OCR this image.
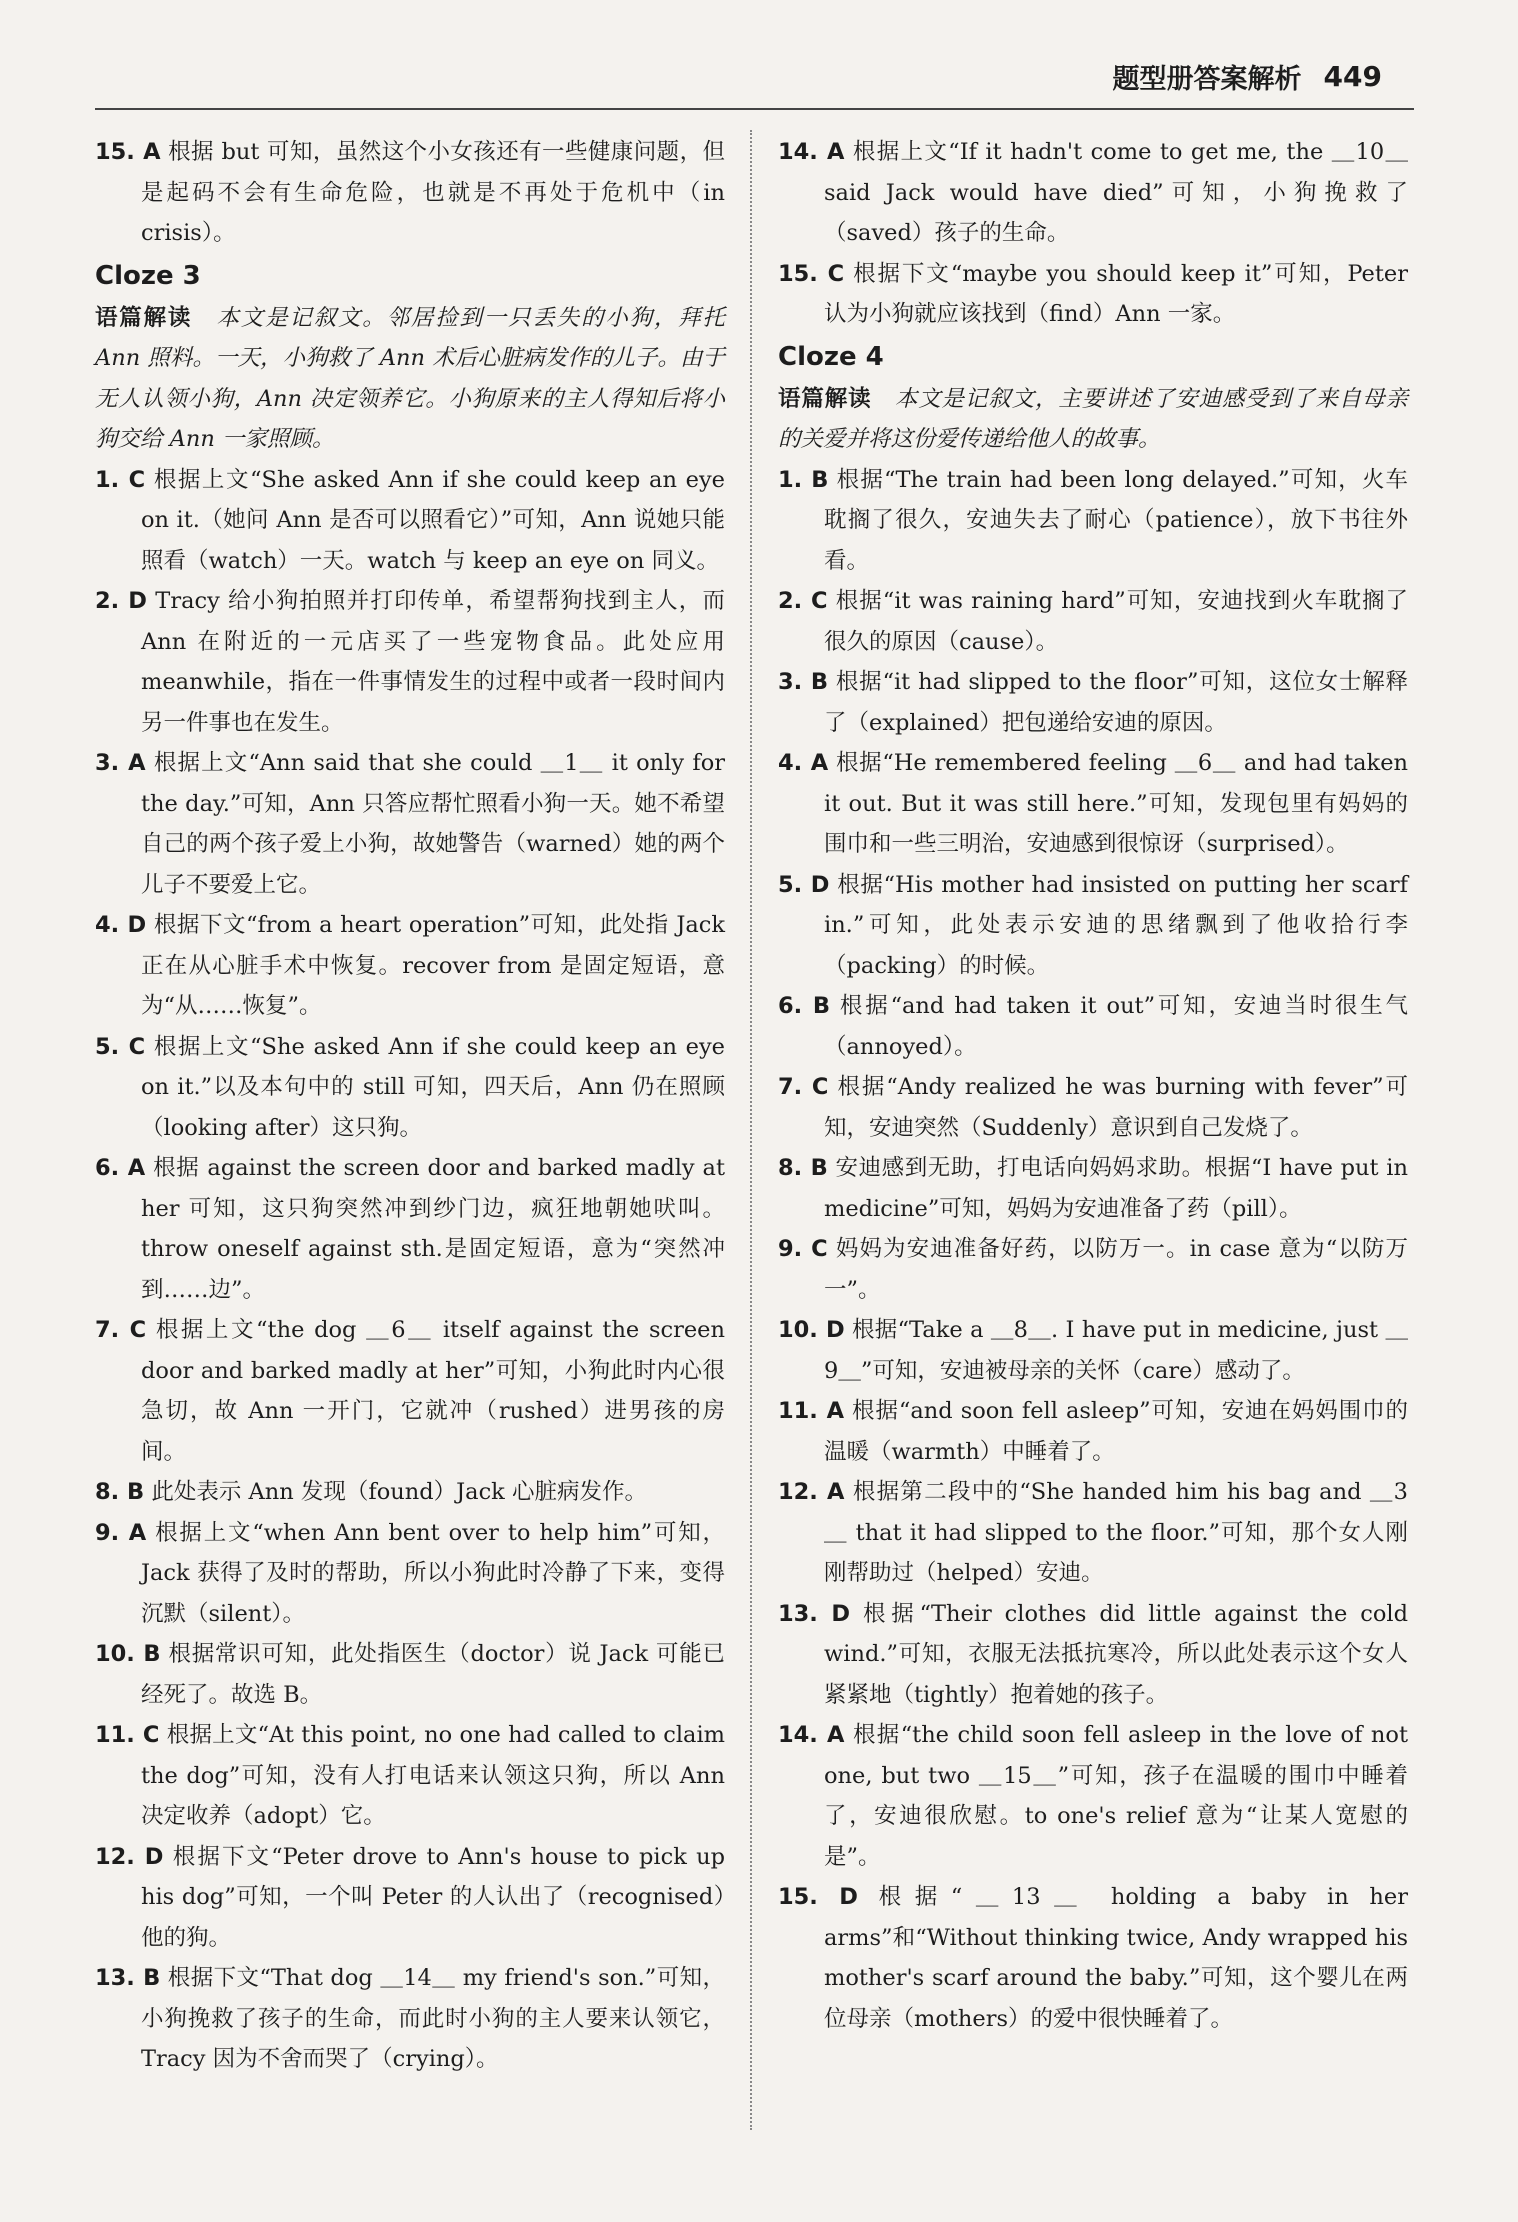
题型册答案解析 449

15. A 根据 but 可知，虽然这个小女孩还有一些健康问题，但是起码不会有生命危险，也就是不再处于危机中（in crisis）。

Cloze 3

语篇解读　本文是记叙文。邻居捡到一只丢失的小狗，拜托 Ann 照料。一天，小狗救了 Ann 术后心脏病发作的儿子。由于无人认领小狗，Ann 决定领养它。小狗原来的主人得知后将小狗交给 Ann 一家照顾。

1. C 根据上文“She asked Ann if she could keep an eye on it.（她问 Ann 是否可以照看它）”可知，Ann 说她只能照看（watch）一天。watch 与 keep an eye on 同义。

2. D Tracy 给小狗拍照并打印传单，希望帮狗找到主人，而 Ann 在附近的一元店买了一些宠物食品。此处应用 meanwhile，指在一件事情发生的过程中或者一段时间内另一件事也在发生。

3. A 根据上文“Ann said that she could ＿1＿ it only for the day.”可知，Ann 只答应帮忙照看小狗一天。她不希望自己的两个孩子爱上小狗，故她警告（warned）她的两个儿子不要爱上它。

4. D 根据下文“from a heart operation”可知，此处指 Jack 正在从心脏手术中恢复。recover from 是固定短语，意为“从……恢复”。

5. C 根据上文“She asked Ann if she could keep an eye on it.”以及本句中的 still 可知，四天后，Ann 仍在照顾（looking after）这只狗。

6. A 根据 against the screen door and barked madly at her 可知，这只狗突然冲到纱门边，疯狂地朝她吠叫。throw oneself against sth.是固定短语，意为“突然冲到……边”。

7. C 根据上文“the dog ＿6＿ itself against the screen door and barked madly at her”可知，小狗此时内心很急切，故 Ann 一开门，它就冲（rushed）进男孩的房间。

8. B 此处表示 Ann 发现（found）Jack 心脏病发作。

9. A 根据上文“when Ann bent over to help him”可知，Jack 获得了及时的帮助，所以小狗此时冷静了下来，变得沉默（silent）。

10. B 根据常识可知，此处指医生（doctor）说 Jack 可能已经死了。故选 B。

11. C 根据上文“At this point, no one had called to claim the dog”可知，没有人打电话来认领这只狗，所以 Ann 决定收养（adopt）它。

12. D 根据下文“Peter drove to Ann's house to pick up his dog”可知，一个叫 Peter 的人认出了（recognised）他的狗。

13. B 根据下文“That dog ＿14＿ my friend's son.”可知，小狗挽救了孩子的生命，而此时小狗的主人要来认领它，Tracy 因为不舍而哭了（crying）。

14. A 根据上文“If it hadn't come to get me, the ＿10＿ said Jack would have died”可知，小狗挽救了（saved）孩子的生命。

15. C 根据下文“maybe you should keep it”可知，Peter 认为小狗就应该找到（find）Ann 一家。

Cloze 4

语篇解读　本文是记叙文，主要讲述了安迪感受到了来自母亲的关爱并将这份爱传递给他人的故事。

1. B 根据“The train had been long delayed.”可知，火车耽搁了很久，安迪失去了耐心（patience），放下书往外看。

2. C 根据“it was raining hard”可知，安迪找到火车耽搁了很久的原因（cause）。

3. B 根据“it had slipped to the floor”可知，这位女士解释了（explained）把包递给安迪的原因。

4. A 根据“He remembered feeling ＿6＿ and had taken it out. But it was still here.”可知，发现包里有妈妈的围巾和一些三明治，安迪感到很惊讶（surprised）。

5. D 根据“His mother had insisted on putting her scarf in.”可知，此处表示安迪的思绪飘到了他收拾行李（packing）的时候。

6. B 根据“and had taken it out”可知，安迪当时很生气（annoyed）。

7. C 根据“Andy realized he was burning with fever”可知，安迪突然（Suddenly）意识到自己发烧了。

8. B 安迪感到无助，打电话向妈妈求助。根据“I have put in medicine”可知，妈妈为安迪准备了药（pill）。

9. C 妈妈为安迪准备好药，以防万一。in case 意为“以防万一”。

10. D 根据“Take a ＿8＿. I have put in medicine, just ＿9＿”可知，安迪被母亲的关怀（care）感动了。

11. A 根据“and soon fell asleep”可知，安迪在妈妈围巾的温暖（warmth）中睡着了。

12. A 根据第二段中的“She handed him his bag and ＿3＿ that it had slipped to the floor.”可知，那个女人刚刚帮助过（helped）安迪。

13. D 根据“Their clothes did little against the cold wind.”可知，衣服无法抵抗寒冷，所以此处表示这个女人紧紧地（tightly）抱着她的孩子。

14. A 根据“the child soon fell asleep in the love of not one, but two ＿15＿”可知，孩子在温暖的围巾中睡着了，安迪很欣慰。to one's relief 意为“让某人宽慰的是”。

15. D 根据“＿13＿ holding a baby in her arms”和“Without thinking twice, Andy wrapped his mother's scarf around the baby.”可知，这个婴儿在两位母亲（mothers）的爱中很快睡着了。
